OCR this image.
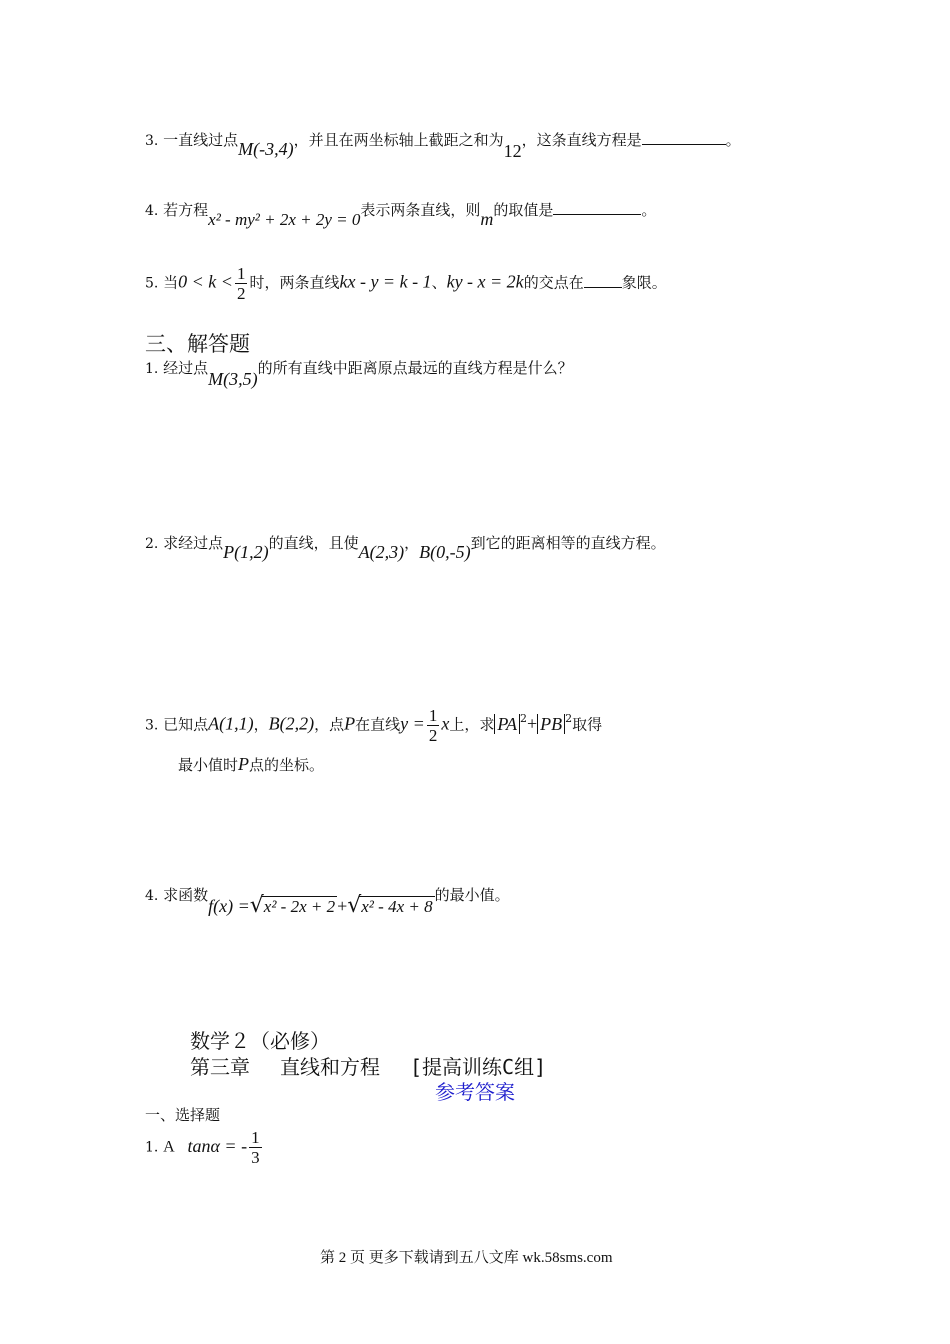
3. 一直线过点M(-3,4)，并且在两坐标轴上截距之和为12，这条直线方程是	。
4. 若方程x² - my² + 2x + 2y = 0表示两条直线，则m的取值是	。
5. 当$0 < k < \frac{1}{2}$ 时，两条直线kx - y = k - 1、ky - x = 2k的交点在	象限。
三、解答题
1. 经过点M(3,5)的所有直线中距离原点最远的直线方程是什么？
2. 求经过点P(1,2)的直线，且使A(2,3)，B(0,-5)到它的距离相等的直线方程。
3. 已知点A(1,1)，B(2,2)，点P在直线$y = \frac{1}{2}$ x上，求 PA $^2$+ PB $^2$取得
最小值时P点的坐标。
4. 求函数f(x) = √ x² - 2x + 2 + √ x² - 4x + 8的最小值。
数学２（必修）
第三章 直线和方程 [提高训练C组]
参考答案
一、选择题
1. A tanα = - $\frac{1}{3}$
第 2 页 更多下载请到五八文库 wk.58sms.com
